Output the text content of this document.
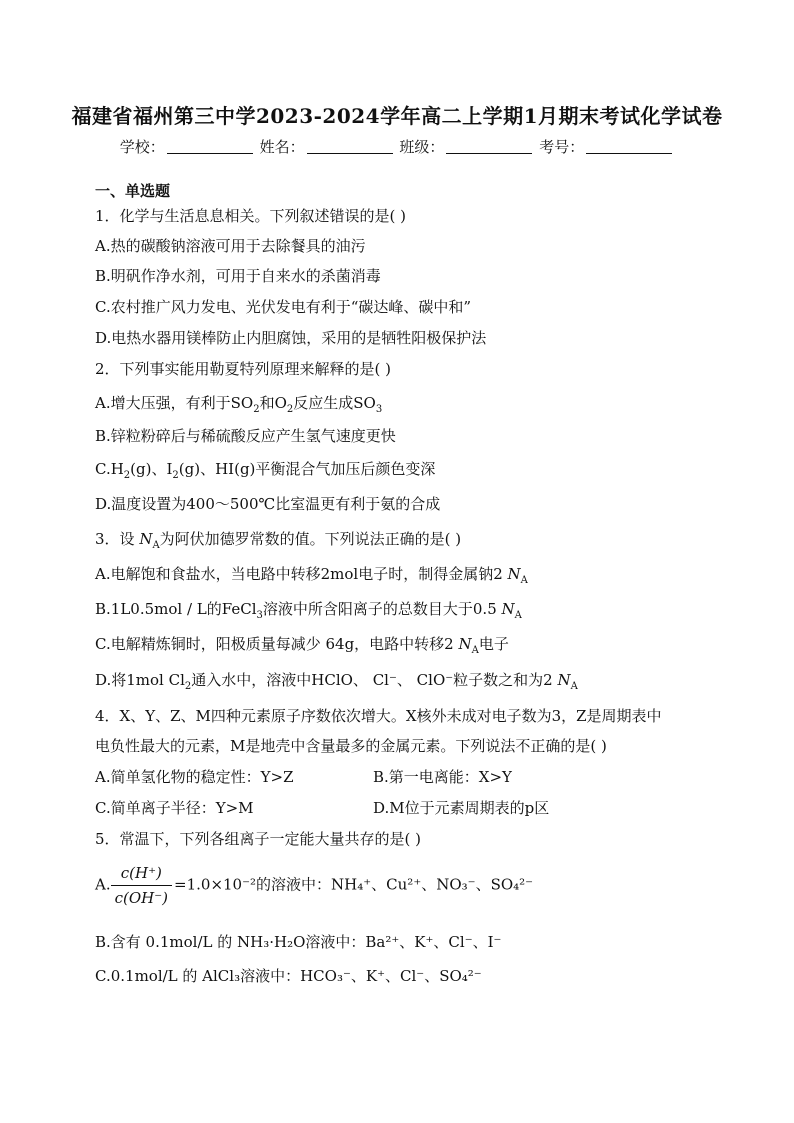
福建省福州第三中学2023-2024学年高二上学期1月期末考试化学试卷
学校：	姓名：	班级：	考号：
一、单选题
1．化学与生活息息相关。下列叙述错误的是( )
A.热的碳酸钠溶液可用于去除餐具的油污
B.明矾作净水剂，可用于自来水的杀菌消毒
C.农村推广风力发电、光伏发电有利于“碳达峰、碳中和”
D.电热水器用镁棒防止内胆腐蚀，采用的是牺牲阳极保护法
2．下列事实能用勒夏特列原理来解释的是( )
A.增大压强，有利于$SO_2$和$O_2$反应生成$SO_3$
B.锌粒粉碎后与稀硫酸反应产生氢气速度更快
$C.H_2(g)$、$I_2(g)$、HI(g)平衡混合气加压后颜色变深
D.温度设置为400～500℃比室温更有利于氨的合成
3．设 $N_A$为阿伏加德罗常数的值。下列说法正确的是( )
A.电解饱和食盐水，当电路中转移2mol电子时，制得金属钠2 $N_A$
B.1L0.5mol / L的FeCl$_3$溶液中所含阳离子的总数目大于0.5 $N_A$
C.电解精炼铜时，阳极质量每减少 64g，电路中转移2 $N_A$电子
D.将1mol $Cl_2$通入水中，溶液中HClO、 Cl⁻、 ClO⁻粒子数之和为2 $N_A$
4．X、Y、Z、M四种元素原子序数依次增大。X核外未成对电子数为3，Z是周期表中
电负性最大的元素，M是地壳中含量最多的金属元素。下列说法不正确的是( )
A.简单氢化物的稳定性：Y>Z	B.第一电离能：X>Y
C.简单离子半径：Y>M	D.M位于元素周期表的p区
5．常温下，下列各组离子一定能大量共存的是( )
A. $\frac{c(H^+)}{c(OH^-)} =1.0\times 10^{-2}$的溶液中：NH₄⁺、Cu²⁺、NO₃⁻、SO₄²⁻
B.含有 0.1mol/L 的 NH₃·H₂O溶液中：Ba²⁺、K⁺、Cl⁻、I⁻
C.0.1mol/L 的 AlCl₃溶液中：HCO₃⁻、K⁺、Cl⁻、SO₄²⁻
